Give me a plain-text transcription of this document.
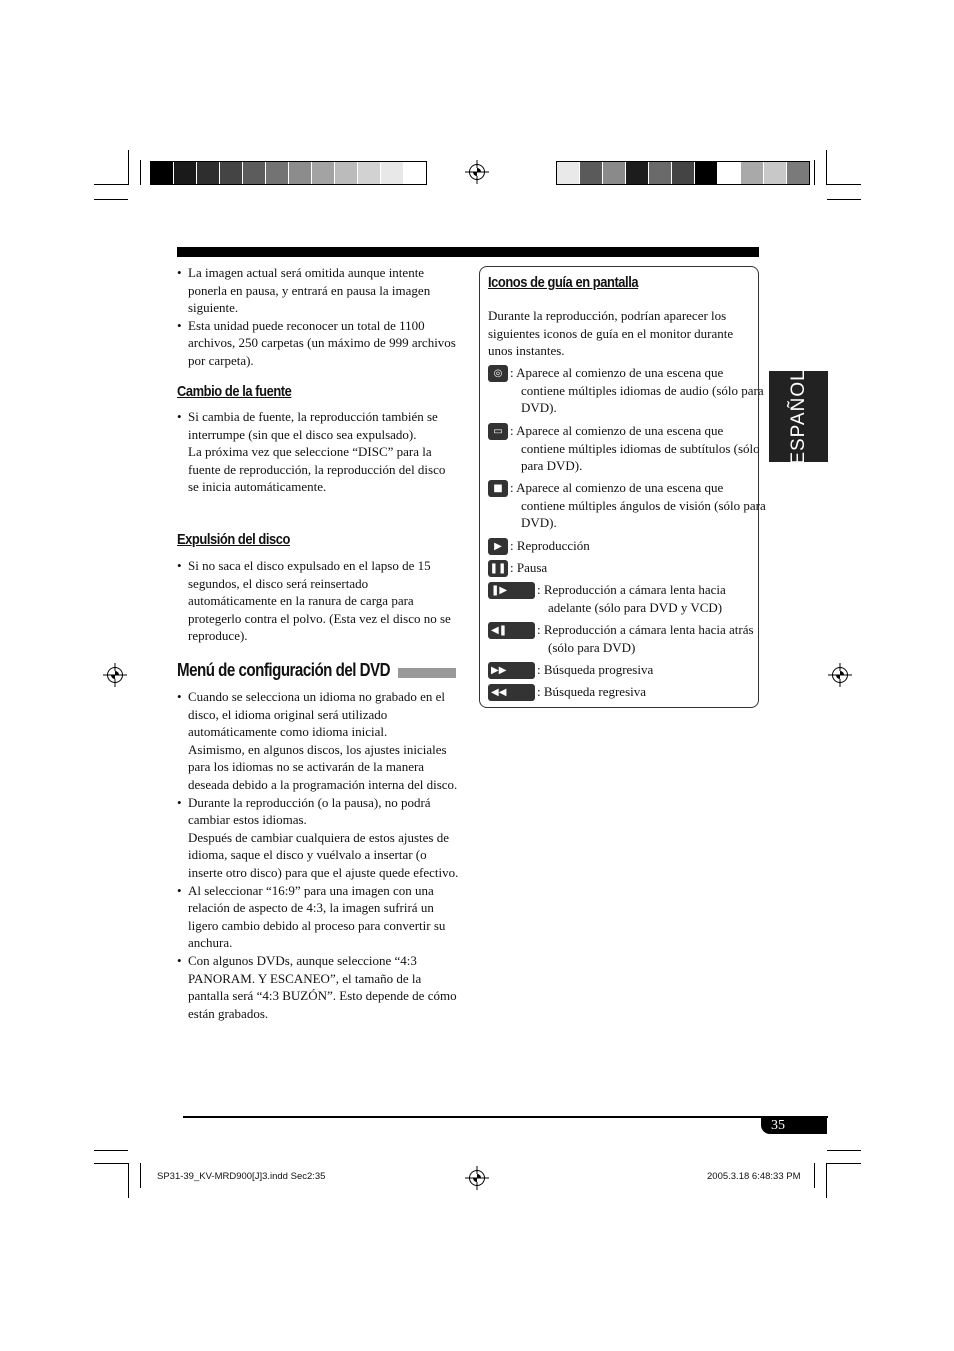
• La imagen actual será omitida aunque intente ponerla en pausa, y entrará en pausa la imagen siguiente.
• Esta unidad puede reconocer un total de 1100 archivos, 250 carpetas (un máximo de 999 archivos por carpeta).
Cambio de la fuente
• Si cambia de fuente, la reproducción también se interrumpe (sin que el disco sea expulsado).
La próxima vez que seleccione “DISC” para la fuente de reproducción, la reproducción del disco se inicia automáticamente.
Expulsión del disco
• Si no saca el disco expulsado en el lapso de 15 segundos, el disco será reinsertado automáticamente en la ranura de carga para protegerlo contra el polvo. (Esta vez el disco no se reproduce).
Menú de configuración del DVD
• Cuando se selecciona un idioma no grabado en el disco, el idioma original será utilizado automáticamente como idioma inicial.
Asimismo, en algunos discos, los ajustes iniciales para los idiomas no se activarán de la manera deseada debido a la programación interna del disco.
• Durante la reproducción (o la pausa), no podrá cambiar estos idiomas.
Después de cambiar cualquiera de estos ajustes de idioma, saque el disco y vuélvalo a insertar (o inserte otro disco) para que el ajuste quede efectivo.
• Al seleccionar “16:9” para una imagen con una relación de aspecto de 4:3, la imagen sufrirá un ligero cambio debido al proceso para convertir su anchura.
• Con algunos DVDs, aunque seleccione “4:3 PANORAM. Y ESCANEO”, el tamaño de la pantalla será “4:3 BUZÓN”. Esto depende de cómo están grabados.
Iconos de guía en pantalla
Durante la reproducción, podrían aparecer los siguientes iconos de guía en el monitor durante unos instantes.
◎ : Aparece al comienzo de una escena que contiene múltiples idiomas de audio (sólo para DVD).
▭ : Aparece al comienzo de una escena que contiene múltiples idiomas de subtítulos (sólo para DVD).
■ : Aparece al comienzo de una escena que contiene múltiples ángulos de visión (sólo para DVD).
▶ : Reproducción
❚❚ : Pausa
❚▶	: Reproducción a cámara lenta hacia adelante (sólo para DVD y VCD)
◀❚	: Reproducción a cámara lenta hacia atrás (sólo para DVD)
▶▶	: Búsqueda progresiva
◀◀	: Búsqueda regresiva
ESPAÑOL
35
SP31-39_KV-MRD900[J]3.indd Sec2:35	2005.3.18 6:48:33 PM
